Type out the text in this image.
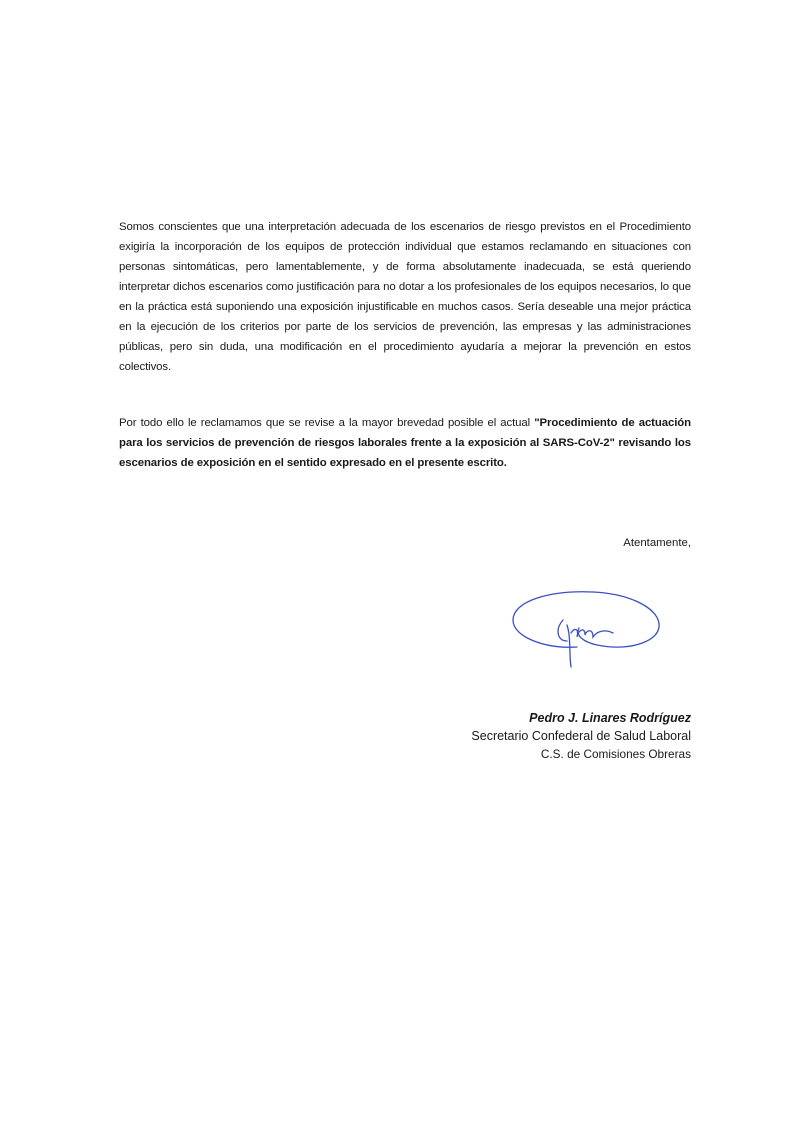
Somos conscientes que una interpretación adecuada de los escenarios de riesgo previstos en el Procedimiento exigiría la incorporación de los equipos de protección individual que estamos reclamando en situaciones con personas sintomáticas, pero lamentablemente, y de forma absolutamente inadecuada, se está queriendo interpretar dichos escenarios como justificación para no dotar a los profesionales de los equipos necesarios, lo que en la práctica está suponiendo una exposición injustificable en muchos casos. Sería deseable una mejor práctica en la ejecución de los criterios por parte de los servicios de prevención, las empresas y las administraciones públicas, pero sin duda, una modificación en el procedimiento ayudaría a mejorar la prevención en estos colectivos.
Por todo ello le reclamamos que se revise a la mayor brevedad posible el actual "Procedimiento de actuación para los servicios de prevención de riesgos laborales frente a la exposición al SARS-CoV-2" revisando los escenarios de exposición en el sentido expresado en el presente escrito.
Atentamente,
Pedro J. Linares Rodríguez
Secretario Confederal de Salud Laboral
C.S. de Comisiones Obreras
